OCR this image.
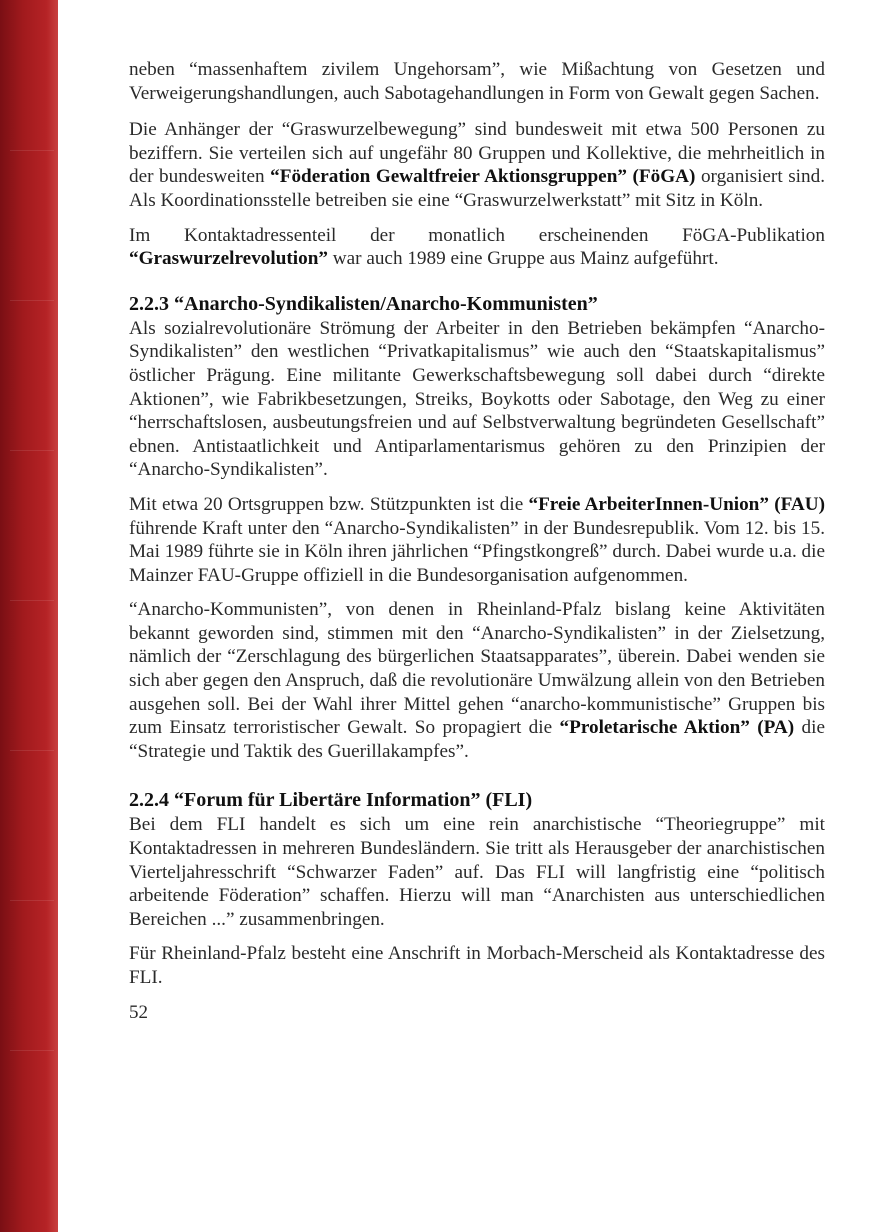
neben “massenhaftem zivilem Ungehorsam”, wie Mißachtung von Gesetzen und Verweigerungshandlungen, auch Sabotagehandlungen in Form von Gewalt gegen Sachen.

Die Anhänger der “Graswurzelbewegung” sind bundesweit mit etwa 500 Personen zu beziffern. Sie verteilen sich auf ungefähr 80 Gruppen und Kollektive, die mehrheitlich in der bundesweiten “Föderation Gewaltfreier Aktionsgruppen” (FöGA) organisiert sind. Als Koordinationsstelle betreiben sie eine “Graswurzelwerkstatt” mit Sitz in Köln.

Im Kontaktadressenteil der monatlich erscheinenden FöGA-Publikation “Graswurzelrevolution” war auch 1989 eine Gruppe aus Mainz aufgeführt.

2.2.3 “Anarcho-Syndikalisten/Anarcho-Kommunisten”

Als sozialrevolutionäre Strömung der Arbeiter in den Betrieben bekämpfen “Anarcho-Syndikalisten” den westlichen “Privatkapitalismus” wie auch den “Staatskapitalismus” östlicher Prägung. Eine militante Gewerkschaftsbewegung soll dabei durch “direkte Aktionen”, wie Fabrikbesetzungen, Streiks, Boykotts oder Sabotage, den Weg zu einer “herrschaftslosen, ausbeutungsfreien und auf Selbstverwaltung begründeten Gesellschaft” ebnen. Antistaatlichkeit und Antiparlamentarismus gehören zu den Prinzipien der “Anarcho-Syndikalisten”.

Mit etwa 20 Ortsgruppen bzw. Stützpunkten ist die “Freie ArbeiterInnen-Union” (FAU) führende Kraft unter den “Anarcho-Syndikalisten” in der Bundesrepublik. Vom 12. bis 15. Mai 1989 führte sie in Köln ihren jährlichen “Pfingstkongreß” durch. Dabei wurde u.a. die Mainzer FAU-Gruppe offiziell in die Bundesorganisation aufgenommen.

“Anarcho-Kommunisten”, von denen in Rheinland-Pfalz bislang keine Aktivitäten bekannt geworden sind, stimmen mit den “Anarcho-Syndikalisten” in der Zielsetzung, nämlich der “Zerschlagung des bürgerlichen Staatsapparates”, überein. Dabei wenden sie sich aber gegen den Anspruch, daß die revolutionäre Umwälzung allein von den Betrieben ausgehen soll. Bei der Wahl ihrer Mittel gehen “anarcho-kommunistische” Gruppen bis zum Einsatz terroristischer Gewalt. So propagiert die “Proletarische Aktion” (PA) die “Strategie und Taktik des Guerillakampfes”.

2.2.4 “Forum für Libertäre Information” (FLI)

Bei dem FLI handelt es sich um eine rein anarchistische “Theoriegruppe” mit Kontaktadressen in mehreren Bundesländern. Sie tritt als Herausgeber der anarchistischen Vierteljahresschrift “Schwarzer Faden” auf. Das FLI will langfristig eine “politisch arbeitende Föderation” schaffen. Hierzu will man “Anarchisten aus unterschiedlichen Bereichen ...” zusammenbringen.

Für Rheinland-Pfalz besteht eine Anschrift in Morbach-Merscheid als Kontaktadresse des FLI.

52
